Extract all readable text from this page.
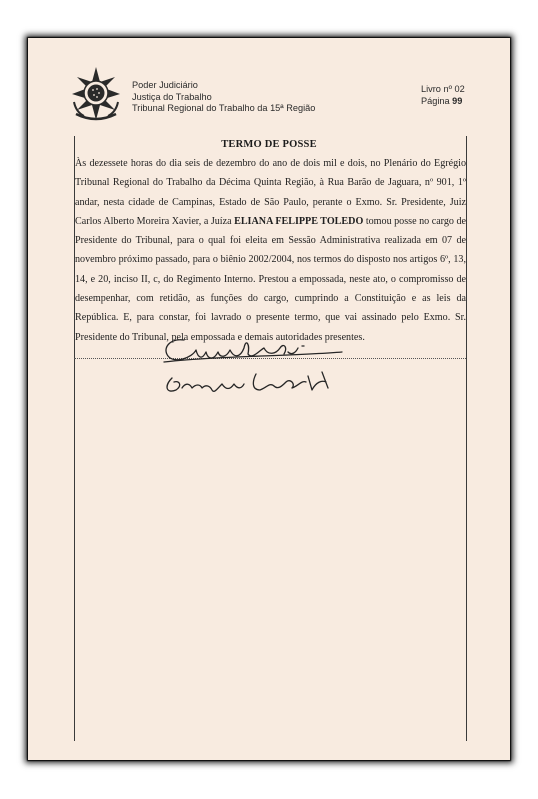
Poder Judiciário
Justiça do Trabalho
Tribunal Regional do Trabalho da 15ª Região
Livro nº 02
Página 99
TERMO DE POSSE
Às dezessete horas do dia seis de dezembro do ano de dois mil e dois, no Plenário do Egrégio Tribunal Regional do Trabalho da Décima Quinta Região, à Rua Barão de Jaguara, nº 901, 1º andar, nesta cidade de Campinas, Estado de São Paulo, perante o Exmo. Sr. Presidente, Juiz Carlos Alberto Moreira Xavier, a Juíza ELIANA FELIPPE TOLEDO tomou posse no cargo de Presidente do Tribunal, para o qual foi eleita em Sessão Administrativa realizada em 07 de novembro próximo passado, para o biênio 2002/2004, nos termos do disposto nos artigos 6º, 13, 14, e 20, inciso II, c, do Regimento Interno. Prestou a empossada, neste ato, o compromisso de desempenhar, com retidão, as funções do cargo, cumprindo a Constituição e as leis da República. E, para constar, foi lavrado o presente termo, que vai assinado pelo Exmo. Sr. Presidente do Tribunal, pela empossada e demais autoridades presentes.
